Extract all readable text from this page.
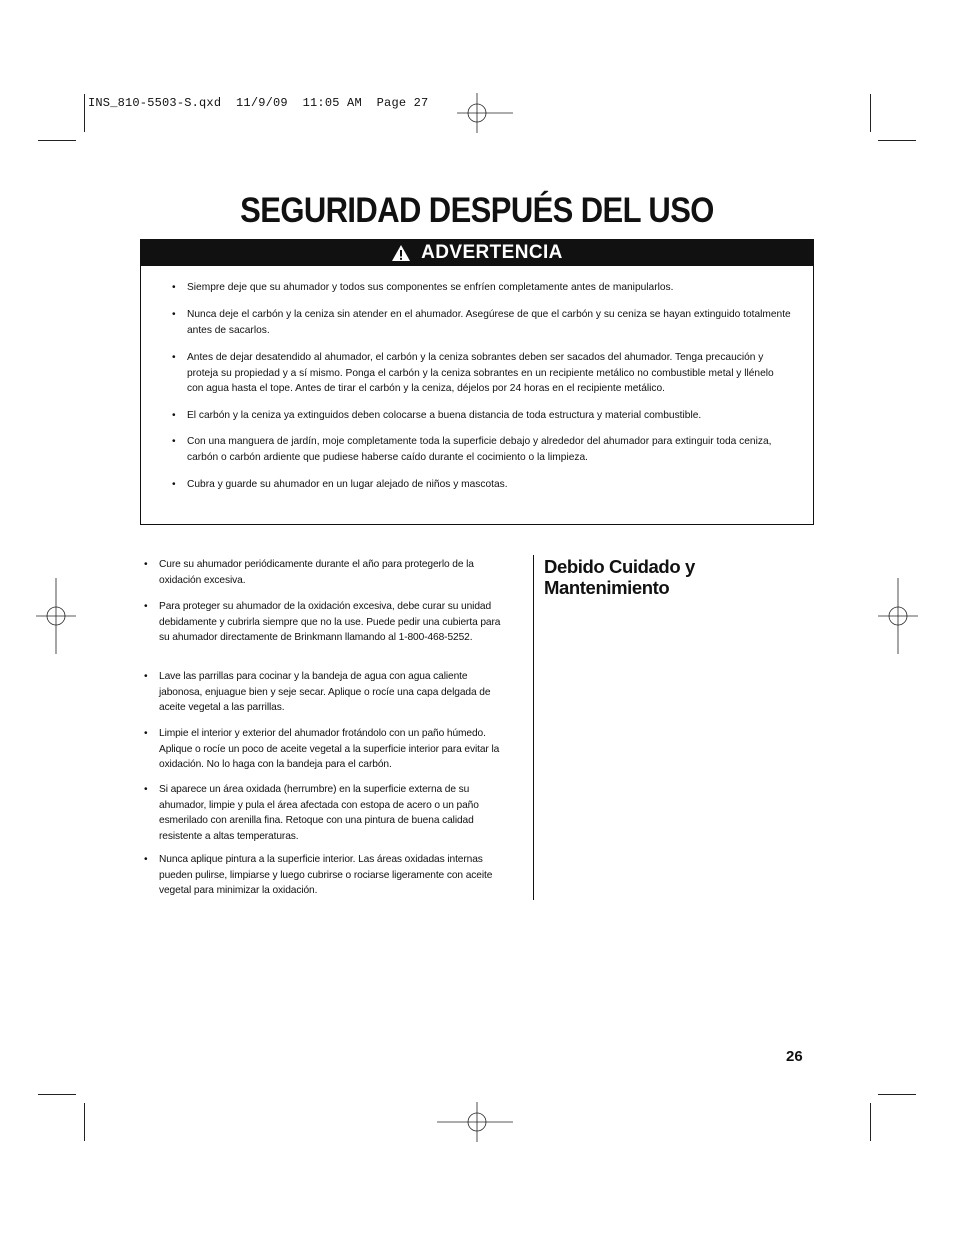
INS_810-5503-S.qxd  11/9/09  11:05 AM  Page 27
SEGURIDAD DESPUÉS DEL USO
ADVERTENCIA
• Siempre deje que su ahumador y todos sus componentes se enfríen completamente antes de manipularlos.
• Nunca deje el carbón y la ceniza sin atender en el ahumador. Asegúrese de que el carbón y su ceniza se hayan extinguido totalmente antes de sacarlos.
• Antes de dejar desatendido al ahumador, el carbón y la ceniza sobrantes deben ser sacados del ahumador. Tenga precaución y proteja su propiedad y a sí mismo. Ponga el carbón y la ceniza sobrantes en un recipiente metálico no combustible metal y llénelo con agua hasta el tope. Antes de tirar el carbón y la ceniza, déjelos por 24 horas en el recipiente metálico.
• El carbón y la ceniza ya extinguidos deben colocarse a buena distancia de toda estructura y material combustible.
• Con una manguera de jardín, moje completamente toda la superficie debajo y alrededor del ahumador para extinguir toda ceniza, carbón o carbón ardiente que pudiese haberse caído durante el cocimiento o la limpieza.
• Cubra y guarde su ahumador en un lugar alejado de niños y mascotas.
• Cure su ahumador periódicamente durante el año para protegerlo de la oxidación excesiva.
• Para proteger su ahumador de la oxidación excesiva, debe curar su unidad debidamente y cubrirla siempre que no la use. Puede pedir una cubierta para su ahumador directamente de Brinkmann llamando al 1-800-468-5252.
• Lave las parrillas para cocinar y la bandeja de agua con agua caliente jabonosa, enjuague bien y seje secar. Aplique o rocíe una capa delgada de aceite vegetal a las parrillas.
• Limpie el interior y exterior del ahumador frotándolo con un paño húmedo. Aplique o rocíe un poco de aceite vegetal a la superficie interior para evitar la oxidación. No lo haga con la bandeja para el carbón.
• Si aparece un área oxidada (herrumbre) en la superficie externa de su ahumador, limpie y pula el área afectada con estopa de acero o un paño esmerilado con arenilla fina. Retoque con una pintura de buena calidad resistente a altas temperaturas.
• Nunca aplique pintura a la superficie interior. Las áreas oxidadas internas pueden pulirse, limpiarse y luego cubrirse o rociarse ligeramente con aceite vegetal para minimizar la oxidación.
Debido Cuidado y
Mantenimiento
26
